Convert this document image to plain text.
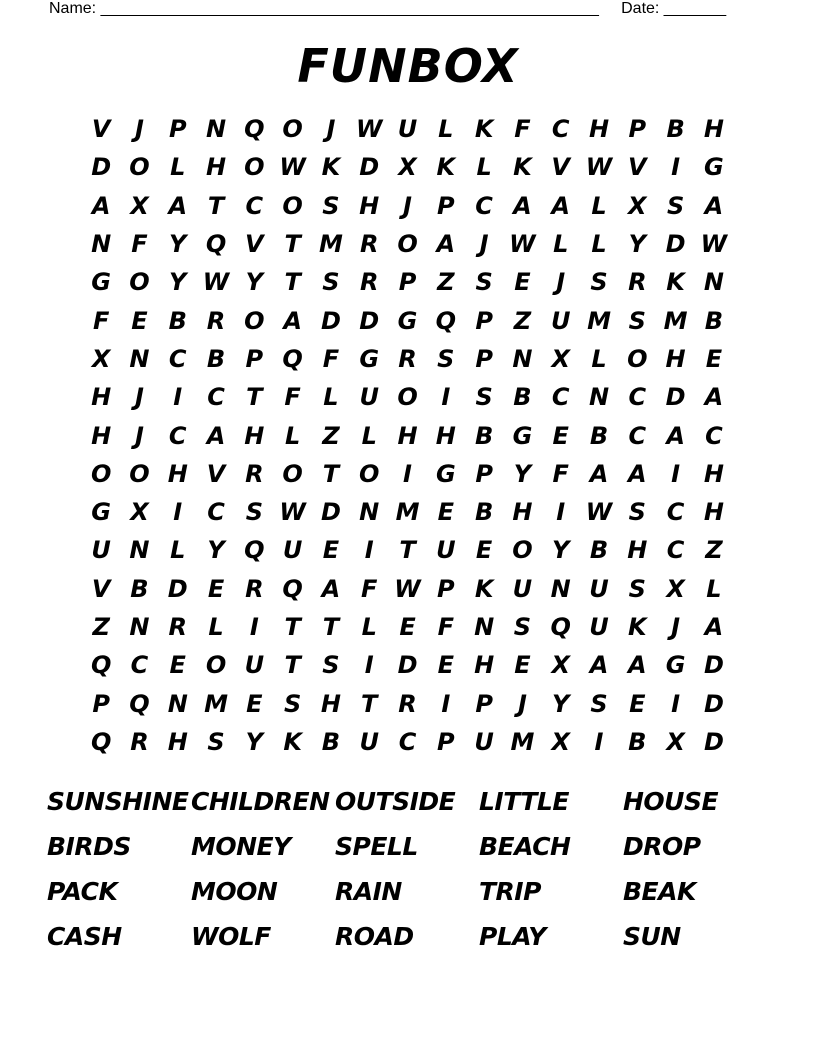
Name: ________________________________________________________     Date: _______
FUNBOX
V	J	P N Q O J W U L K F C H P B H
D O L H O W K D X K L K V W V	I G
A X A T C O S H J	P C A A L X S A
N F Y Q V T M R O A	J W L L Y D W
G O Y W Y T S R P Z S E	J	S R K N
F E B R O A D D G Q P Z U M S M B
X N C B P Q F G R S P N X L O H E
H J	I	C T F L U O I	S B C N C D A
H J	C A H L Z L H H B G E B C A C
O O H V R O T O I G P Y F A A	I H
G X	I	C S W D N M E B H I W S C H
U N L Y Q U E	I	T U E O Y B H C Z
V B D E R Q A F W P K U N U S X L
Z N R L	I	T T L E F N S Q U K	J	A
Q C E O U T S	I D E H E X A A G D
P Q N M E S H T R	I	P	J	Y S E	I D
Q R H S Y K B U C P U M X	I	B X D
SUNSHINE CHILDREN OUTSIDE LITTLE	HOUSE
BIRDS	MONEY	SPELL	BEACH	DROP
PACK	MOON	RAIN	TRIP	BEAK
CASH	WOLF	ROAD	PLAY	SUN
